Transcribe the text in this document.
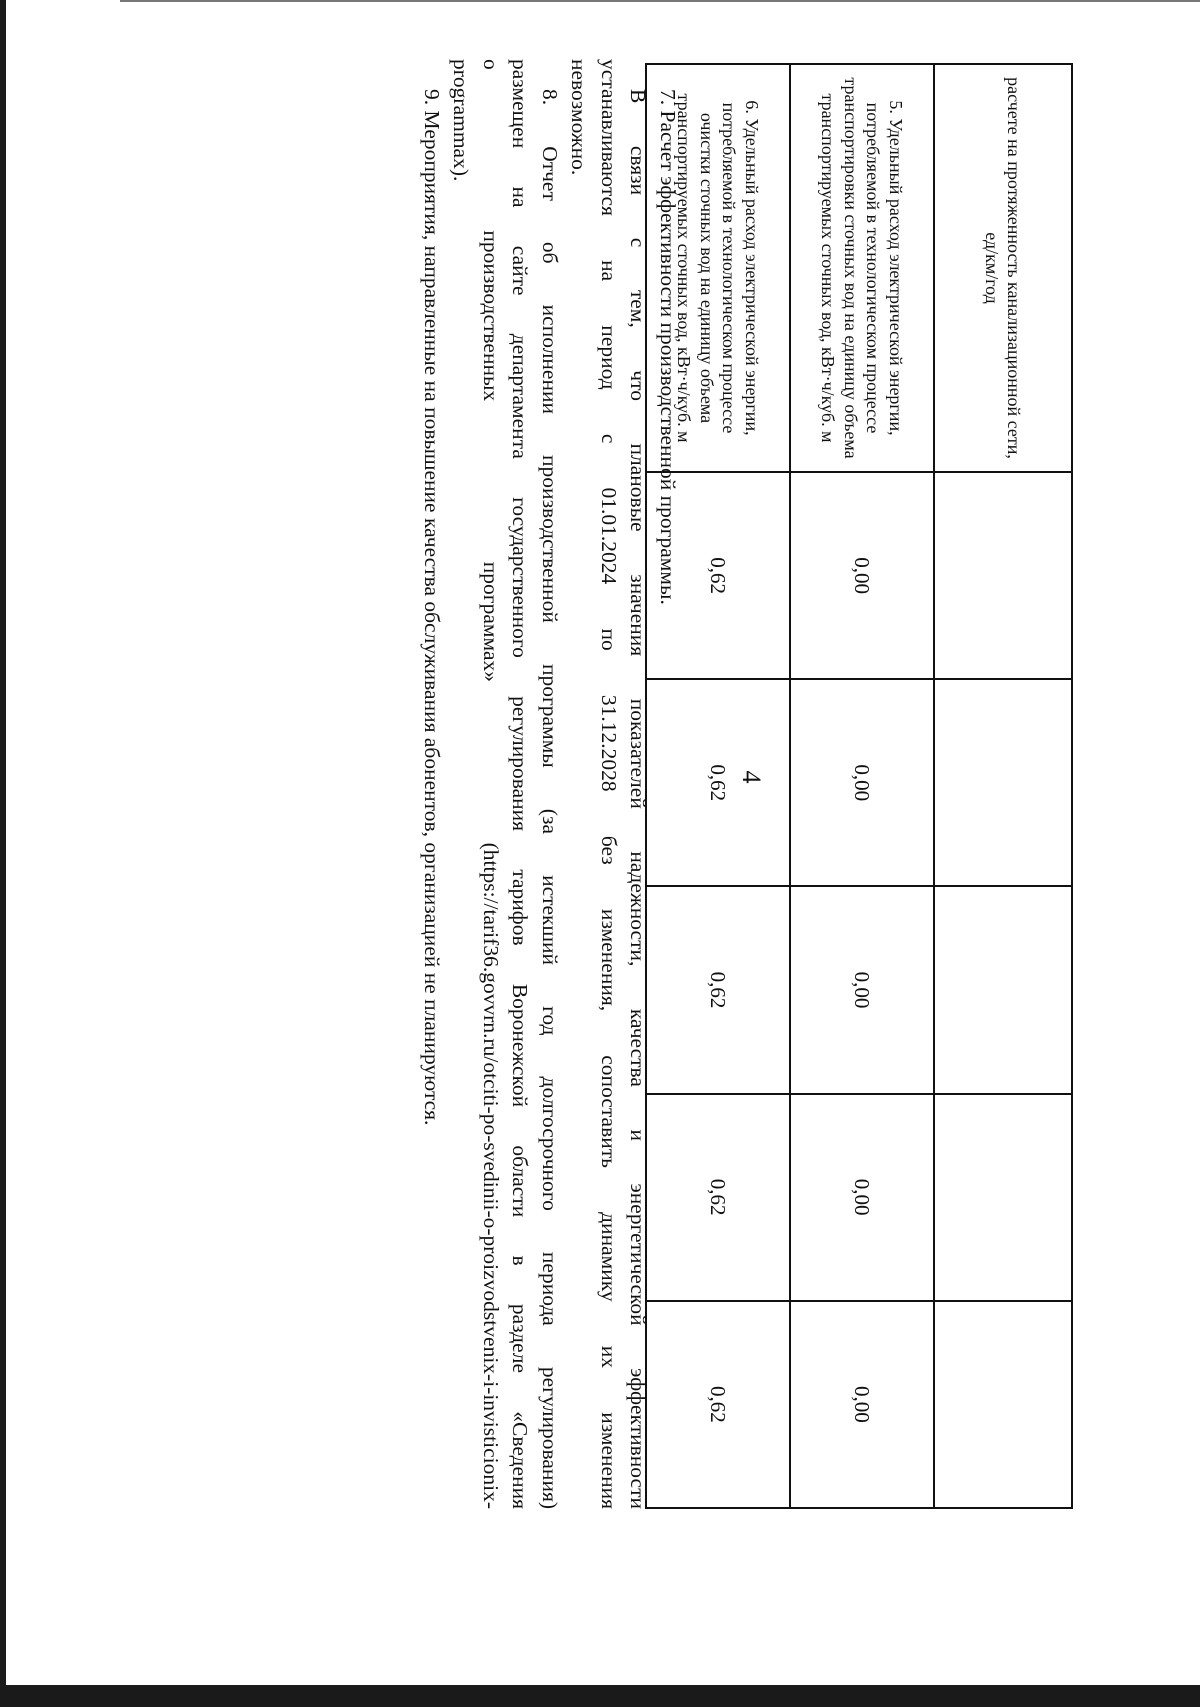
4
расчете на протяженность канализационной сети, ед/км/год					
5. Удельный расход электрической энергии, потребляемой в технологическом процессе транспортировки сточных вод на единицу объема транспортируемых сточных вод, кВт·ч/куб. м	0,00	0,00	0,00	0,00	0,00
6. Удельный расход электрической энергии, потребляемой в технологическом процессе очистки сточных вод на единицу объема транспортируемых сточных вод, кВт·ч/куб. м	0,62	0,62	0,62	0,62	0,62

7. Расчет эффективности производственной программы.

В связи с тем, что плановые значения показателей надежности, качества и энергетической эффективности
устанавливаются на период с 01.01.2024 по 31.12.2028 без изменения, сопоставить динамику их изменения

невозможно.

8. Отчет об исполнении производственной программы (за истекший год долгосрочного периода регулирования)
размещен на сайте департамента государственного регулирования тарифов Воронежской области в разделе «Сведения
о производственных программах» (https://tarif36.govvrn.ru/otciti-po-svedinii-o-proizvodstvenix-i-invisticionix-

programmax).

9. Мероприятия, направленные на повышение качества обслуживания абонентов, организацией не планируются.
